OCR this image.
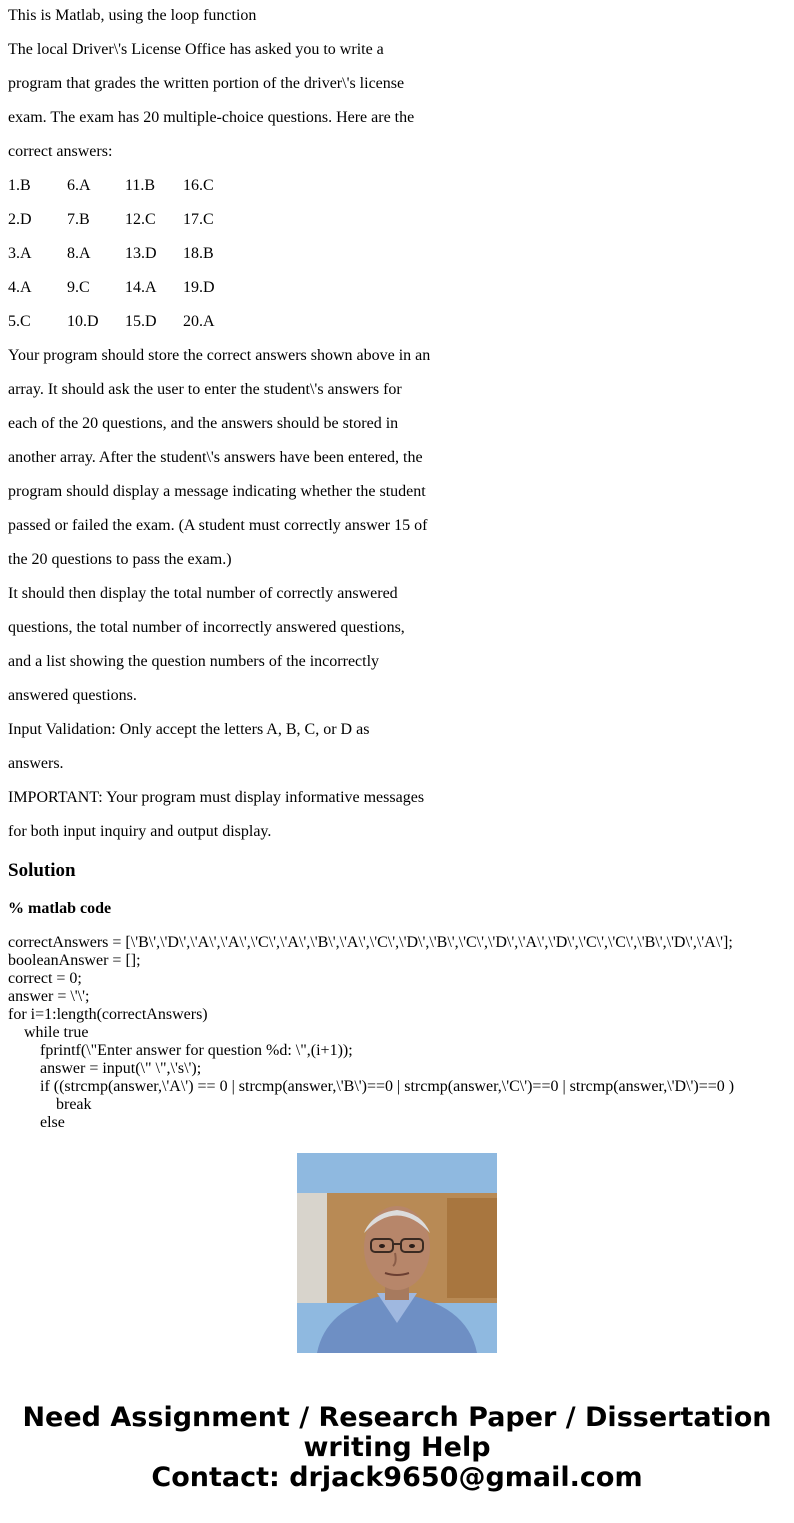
This is Matlab, using the loop function

The local Driver\'s License Office has asked you to write a

program that grades the written portion of the driver\'s license

exam. The exam has 20 multiple-choice questions. Here are the

correct answers:

1.B	6.A	11.B	16.C

2.D	7.B	12.C	17.C

3.A	8.A	13.D	18.B

4.A	9.C	14.A	19.D

5.C	10.D	15.D	20.A

Your program should store the correct answers shown above in an

array. It should ask the user to enter the student\'s answers for

each of the 20 questions, and the answers should be stored in

another array. After the student\'s answers have been entered, the

program should display a message indicating whether the student

passed or failed the exam. (A student must correctly answer 15 of

the 20 questions to pass the exam.)

It should then display the total number of correctly answered

questions, the total number of incorrectly answered questions,

and a list showing the question numbers of the incorrectly

answered questions.

Input Validation: Only accept the letters A, B, C, or D as

answers.

IMPORTANT: Your program must display informative messages

for both input inquiry and output display.

Solution
% matlab code
correctAnswers = [\'B\',\'D\',\'A\',\'A\',\'C\',\'A\',\'B\',\'A\',\'C\',\'D\',\'B\',\'C\',\'D\',\'A\',\'D\',\'C\',\'C\',\'B\',\'D\',\'A\'];
booleanAnswer = [];
correct = 0;
answer = \'\';
for i=1:length(correctAnswers)
while true
fprintf(\"Enter answer for question %d: \",(i+1));
answer = input(\" \",\'s\');
if ((strcmp(answer,\'A\') == 0 | strcmp(answer,\'B\')==0 | strcmp(answer,\'C\')==0 | strcmp(answer,\'D\')==0 )
break
else
Need Assignment / Research Paper / Dissertation
writing Help
Contact: drjack9650@gmail.com
